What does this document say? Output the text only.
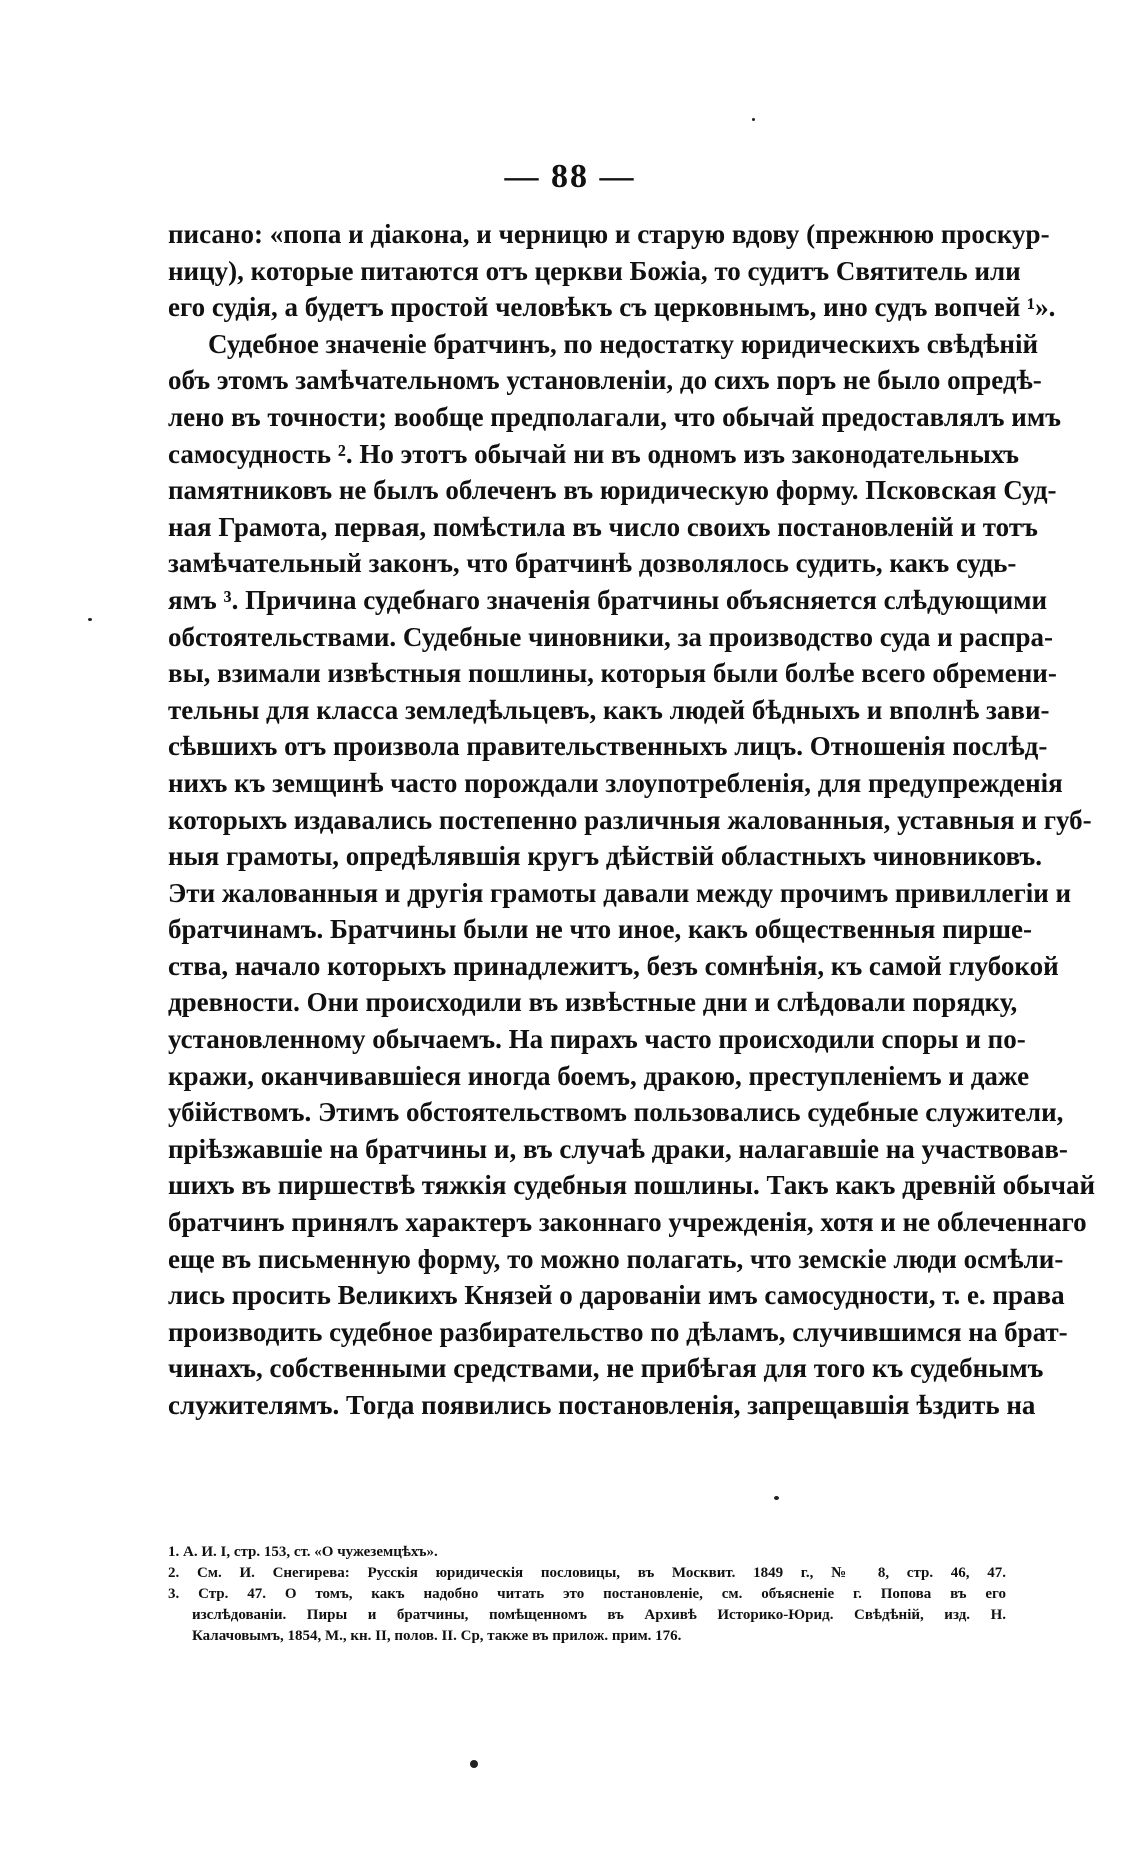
— 88 —
писано: «попа и діакона, и черницю и старую вдову (прежнюю проскур-
ницу), которые питаются отъ церкви Божіа, то судитъ Святитель или
его судія, а будетъ простой человѣкъ съ церковнымъ, ино судъ вопчей ¹».
Судебное значеніе братчинъ, по недостатку юридическихъ свѣдѣній
объ этомъ замѣчательномъ установленіи, до сихъ поръ не было опредѣ-
лено въ точности; вообще предполагали, что обычай предоставлялъ имъ
самосудность ². Но этотъ обычай ни въ одномъ изъ законодательныхъ
памятниковъ не былъ облеченъ въ юридическую форму. Псковская Суд-
ная Грамота, первая, помѣстила въ число своихъ постановленій и тотъ
замѣчательный законъ, что братчинѣ дозволялось судить, какъ судь-
ямъ ³. Причина судебнаго значенія братчины объясняется слѣдующими
обстоятельствами. Судебные чиновники, за производство суда и распра-
вы, взимали извѣстныя пошлины, которыя были болѣе всего обремени-
тельны для класса земледѣльцевъ, какъ людей бѣдныхъ и вполнѣ зави-
сѣвшихъ отъ произвола правительственныхъ лицъ. Отношенія послѣд-
нихъ къ земщинѣ часто порождали злоупотребленія, для предупрежденія
которыхъ издавались постепенно различныя жалованныя, уставныя и губ-
ныя грамоты, опредѣлявшія кругъ дѣйствій областныхъ чиновниковъ.
Эти жалованныя и другія грамоты давали между прочимъ привиллегіи и
братчинамъ. Братчины были не что иное, какъ общественныя пирше-
ства, начало которыхъ принадлежитъ, безъ сомнѣнія, къ самой глубокой
древности. Они происходили въ извѣстные дни и слѣдовали порядку,
установленному обычаемъ. На пирахъ часто происходили споры и по-
кражи, оканчивавшіеся иногда боемъ, дракою, преступленіемъ и даже
убійствомъ. Этимъ обстоятельствомъ пользовались судебные служители,
пріѣзжавшіе на братчины и, въ случаѣ драки, налагавшіе на участвовав-
шихъ въ пиршествѣ тяжкія судебныя пошлины. Такъ какъ древній обычай
братчинъ принялъ характеръ законнаго учрежденія, хотя и не облеченнаго
еще въ письменную форму, то можно полагать, что земскіе люди осмѣли-
лись просить Великихъ Князей о дарованіи имъ самосудности, т. е. права
производить судебное разбирательство по дѣламъ, случившимся на брат-
чинахъ, собственными средствами, не прибѣгая для того къ судебнымъ
служителямъ. Тогда появились постановленія, запрещавшія ѣздить на
1. А. И. I, стр. 153, ст. «О чужеземцѣхъ».
2. См. И. Снегирева: Русскія юридическія пословицы, въ Москвит. 1849 г., № 8, стр. 46, 47.
3. Стр. 47. О томъ, какъ надобно читать это постановленіе, см. объясненіе г. Попова въ его
изслѣдованіи. Пиры и братчины, помѣщенномъ въ Архивѣ Историко-Юрид. Свѣдѣній, изд. Н.
Калачовымъ, 1854, М., кн. II, полов. II. Ср, также въ прилож. прим. 176.
